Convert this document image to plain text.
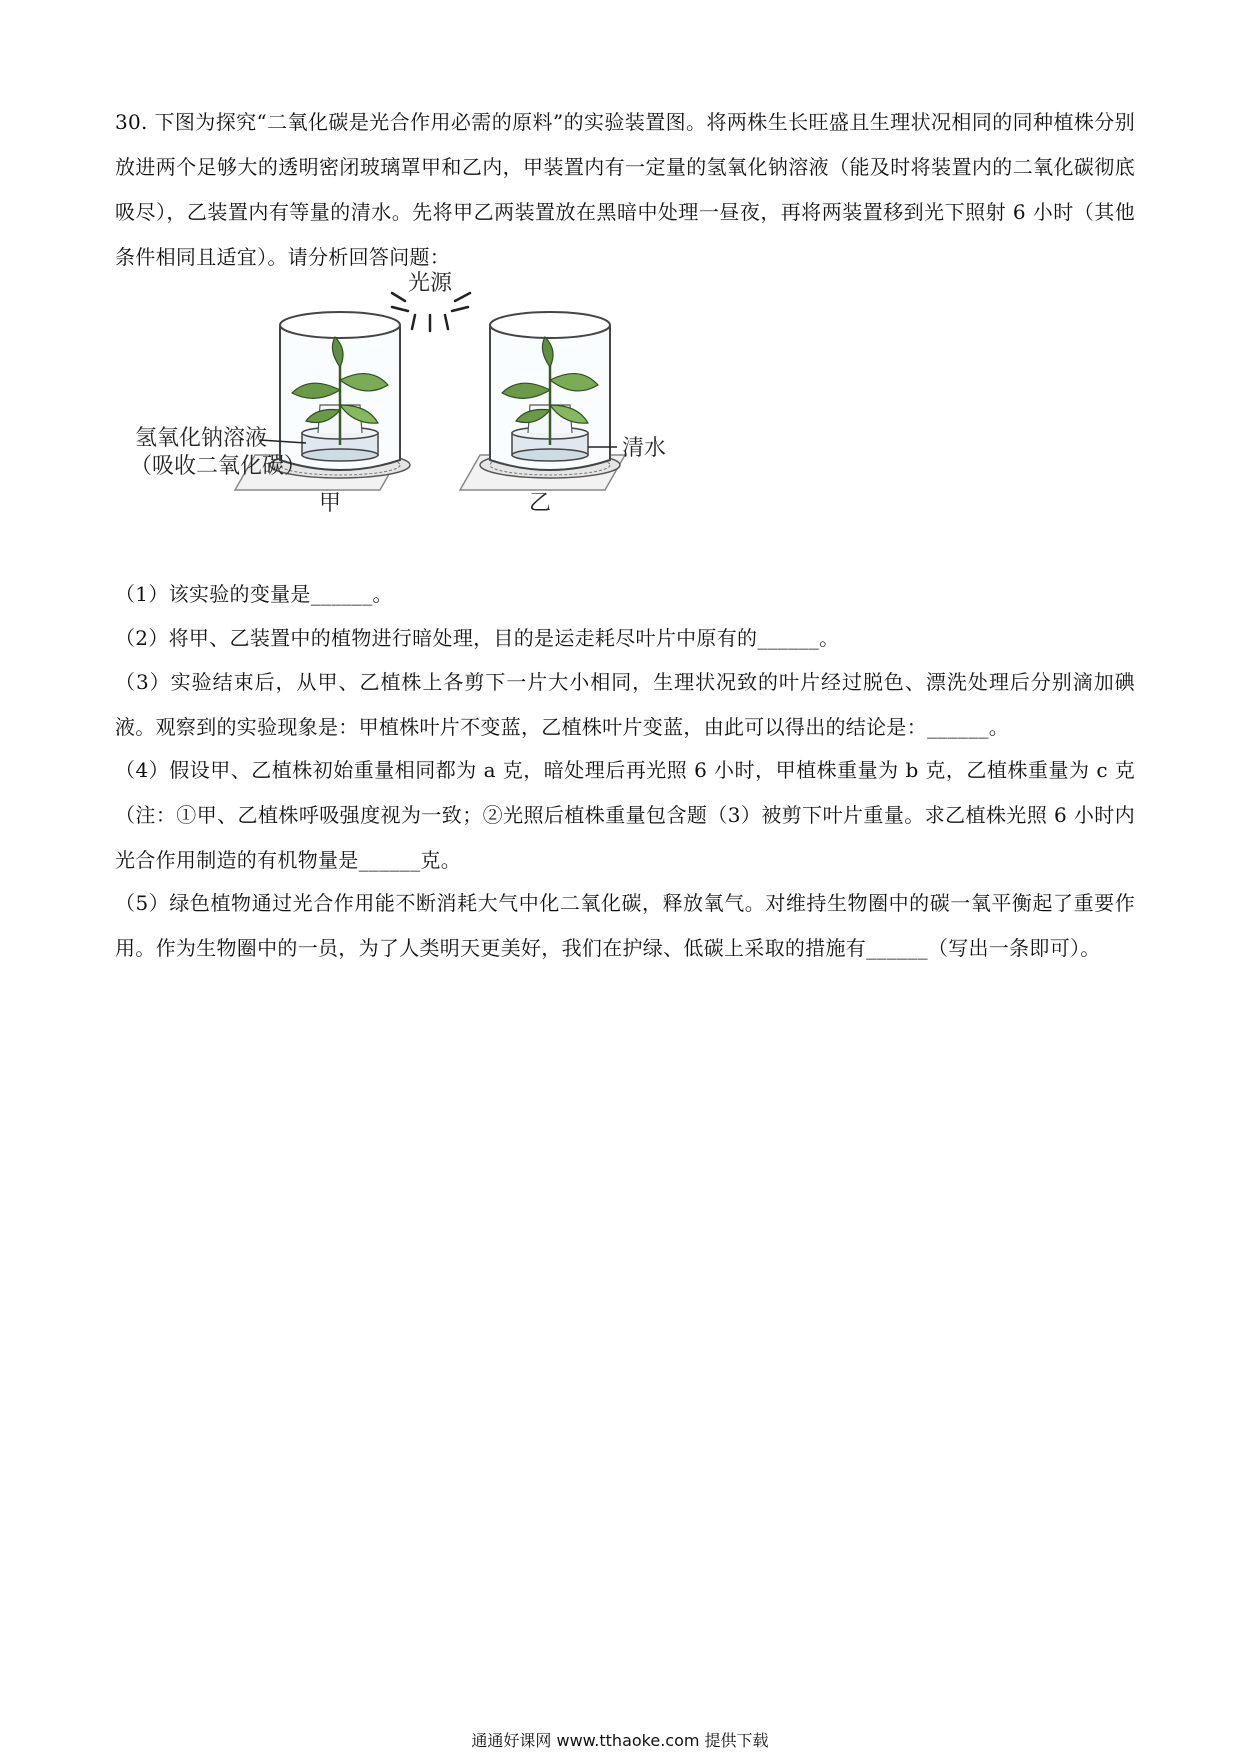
30. 下图为探究“二氧化碳是光合作用必需的原料”的实验装置图。将两株生长旺盛且生理状况相同的同种植株分别放进两个足够大的透明密闭玻璃罩甲和乙内，甲装置内有一定量的氢氧化钠溶液（能及时将装置内的二氧化碳彻底吸尽），乙装置内有等量的清水。先将甲乙两装置放在黑暗中处理一昼夜，再将两装置移到光下照射 6 小时（其他条件相同且适宜）。请分析回答问题：
光源
氢氧化钠溶液
（吸收二氧化碳）
甲
清水
乙
（1）该实验的变量是______。
（2）将甲、乙装置中的植物进行暗处理，目的是运走耗尽叶片中原有的______。
（3）实验结束后，从甲、乙植株上各剪下一片大小相同，生理状况致的叶片经过脱色、漂洗处理后分别滴加碘液。观察到的实验现象是：甲植株叶片不变蓝，乙植株叶片变蓝，由此可以得出的结论是：______。
（4）假设甲、乙植株初始重量相同都为 a 克，暗处理后再光照 6 小时，甲植株重量为 b 克，乙植株重量为 c 克（注：①甲、乙植株呼吸强度视为一致；②光照后植株重量包含题（3）被剪下叶片重量。求乙植株光照 6 小时内光合作用制造的有机物量是______克。
（5）绿色植物通过光合作用能不断消耗大气中化二氧化碳，释放氧气。对维持生物圈中的碳一氧平衡起了重要作用。作为生物圈中的一员，为了人类明天更美好，我们在护绿、低碳上采取的措施有______（写出一条即可）。
通通好课网 www.tthaoke.com 提供下载
